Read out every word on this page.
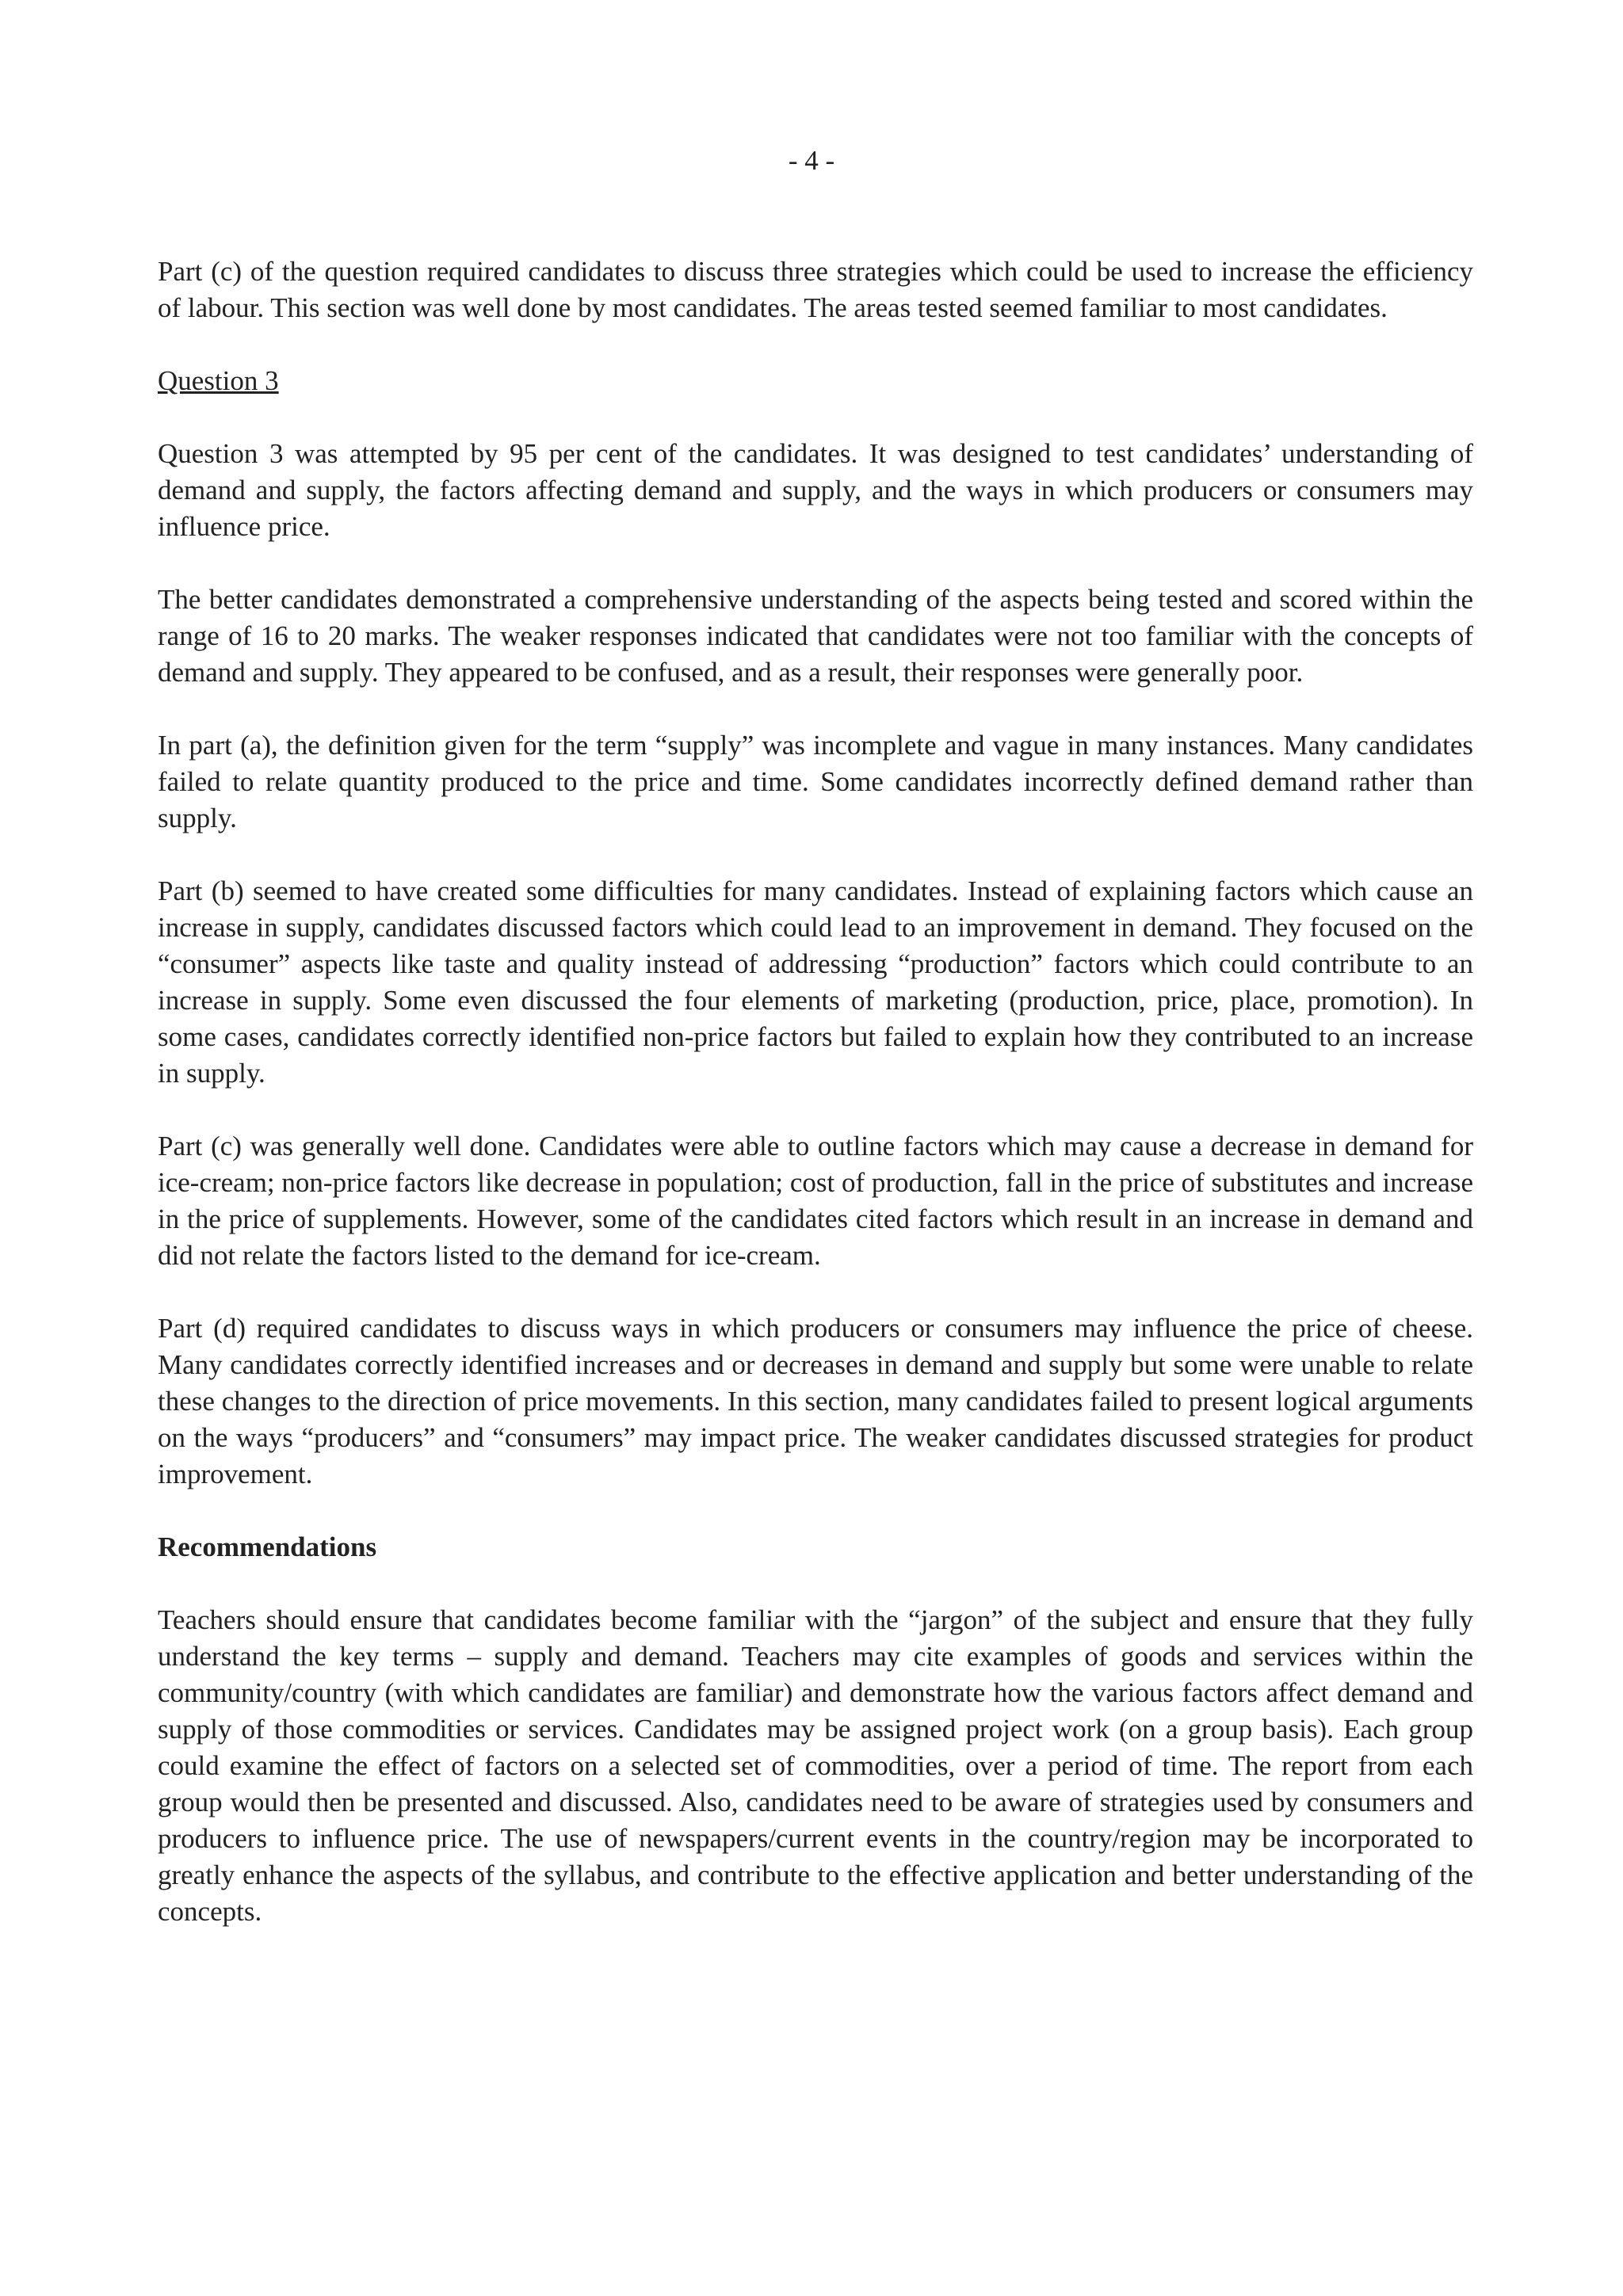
- 4 -

Part (c) of the question required candidates to discuss three strategies which could be used to increase the efficiency of labour. This section was well done by most candidates. The areas tested seemed familiar to most candidates.

Question 3

Question 3 was attempted by 95 per cent of the candidates. It was designed to test candidates’ understanding of demand and supply, the factors affecting demand and supply, and the ways in which producers or consumers may influence price.

The better candidates demonstrated a comprehensive understanding of the aspects being tested and scored within the range of 16 to 20 marks. The weaker responses indicated that candidates were not too familiar with the concepts of demand and supply. They appeared to be confused, and as a result, their responses were generally poor.

In part (a), the definition given for the term “supply” was incomplete and vague in many instances. Many candidates failed to relate quantity produced to the price and time. Some candidates incorrectly defined demand rather than supply.

Part (b) seemed to have created some difficulties for many candidates. Instead of explaining factors which cause an increase in supply, candidates discussed factors which could lead to an improvement in demand. They focused on the “consumer” aspects like taste and quality instead of addressing “production” factors which could contribute to an increase in supply. Some even discussed the four elements of marketing (production, price, place, promotion). In some cases, candidates correctly identified non-price factors but failed to explain how they contributed to an increase in supply.

Part (c) was generally well done. Candidates were able to outline factors which may cause a decrease in demand for ice-cream; non-price factors like decrease in population; cost of production, fall in the price of substitutes and increase in the price of supplements. However, some of the candidates cited factors which result in an increase in demand and did not relate the factors listed to the demand for ice-cream.

Part (d) required candidates to discuss ways in which producers or consumers may influence the price of cheese. Many candidates correctly identified increases and or decreases in demand and supply but some were unable to relate these changes to the direction of price movements. In this section, many candidates failed to present logical arguments on the ways “producers” and “consumers” may impact price. The weaker candidates discussed strategies for product improvement.

Recommendations

Teachers should ensure that candidates become familiar with the “jargon” of the subject and ensure that they fully understand the key terms – supply and demand. Teachers may cite examples of goods and services within the community/country (with which candidates are familiar) and demonstrate how the various factors affect demand and supply of those commodities or services. Candidates may be assigned project work (on a group basis). Each group could examine the effect of factors on a selected set of commodities, over a period of time. The report from each group would then be presented and discussed. Also, candidates need to be aware of strategies used by consumers and producers to influence price. The use of newspapers/current events in the country/region may be incorporated to greatly enhance the aspects of the syllabus, and contribute to the effective application and better understanding of the concepts.
